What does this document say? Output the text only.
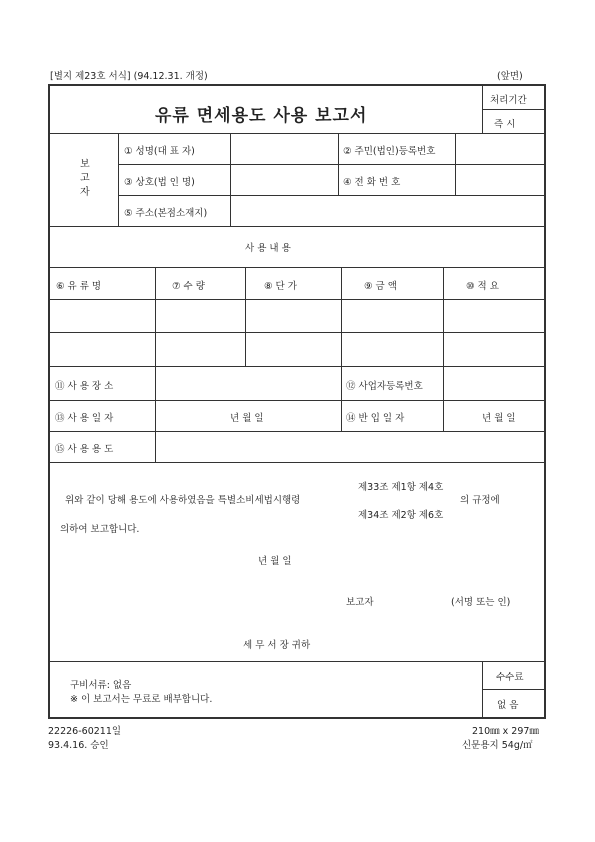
[별지 제23호 서식] (94.12.31. 개정)	(앞면)
유류 면세용도 사용 보고서
처리기간
즉 시
보
고
자
① 성명(대 표 자)	② 주민(법인)등록번호
③ 상호(법 인 명)	④ 전 화 번 호
⑤ 주소(본점소재지)
사 용 내 용
⑥ 유 류 명	⑦ 수 량	⑧ 단 가	⑨ 금 액	⑩ 적 요
⑪ 사 용 장 소	⑫ 사업자등록번호
⑬ 사 용 일 자	년 월 일	⑭ 반 입 일 자	년 월 일
⑮ 사 용 용 도
제33조 제1항 제4호
위와 같이 당해 용도에 사용하였음을 특별소비세법시행령	의 규정에
제34조 제2항 제6호
의하여 보고합니다.
년 월 일
보고자	(서명 또는 인)
세 무 서 장 귀하
구비서류: 없음
※ 이 보고서는 무료로 배부합니다.
수수료
없 음
22226-60211일
93.4.16. 승인
210㎜ x 297㎜
신문용지 54g/㎡
